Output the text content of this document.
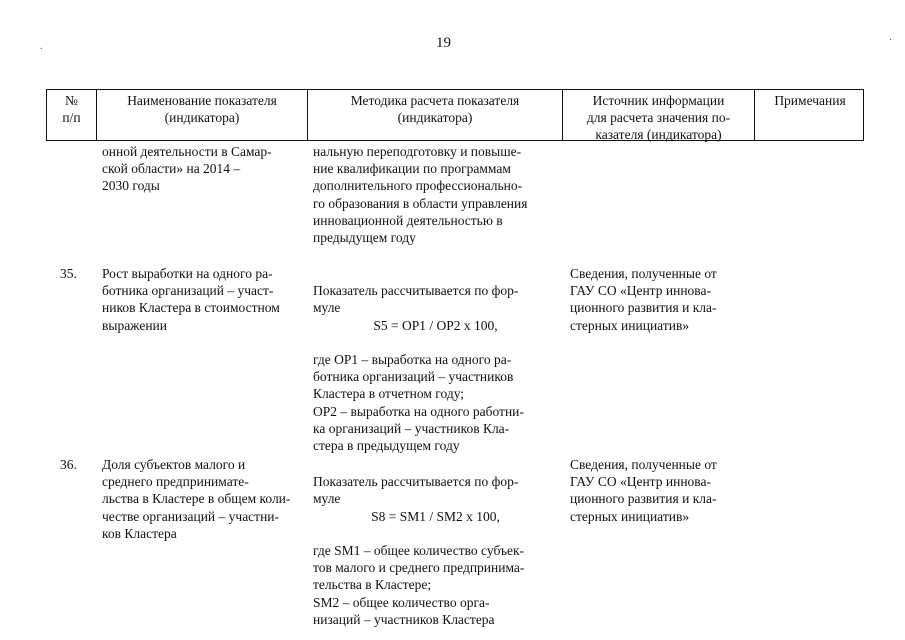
19
.
·
№
п/п
Наименование показателя
(индикатора)
Методика расчета показателя
(индикатора)
Источник информации
для расчета значения по-
казателя (индикатора)
Примечания
онной деятельности в Самар-
ской области» на 2014 –
2030 годы
нальную переподготовку и повыше-
ние квалификации по программам
дополнительного профессионально-
го образования в области управления
инновационной деятельностью в
предыдущем году
35. Рост выработки на одного ра-
ботника организаций – участ-
ников Кластера в стоимостном
выражении

Показатель рассчитывается по фор-
муле

S5 = OP1 / OP2 х 100,

где OP1 – выработка на одного ра-
ботника организаций – участников
Кластера в отчетном году;
OP2 – выработка на одного работни-
ка организаций – участников Кла-
стера в предыдущем году

Сведения, полученные от
ГАУ СО «Центр иннова-
ционного развития и кла-
стерных инициатив»
36. Доля субъектов малого и
среднего предпринимате-
льства в Кластере в общем коли-
честве организаций – участни-
ков Кластера

Показатель рассчитывается по фор-
муле

S8 = SM1 / SM2 х 100,

где SM1 – общее количество субъек-
тов малого и среднего предпринима-
тельства в Кластере;
SM2 – общее количество орга-
низаций – участников Кластера

Сведения, полученные от
ГАУ СО «Центр иннова-
ционного развития и кла-
стерных инициатив»
